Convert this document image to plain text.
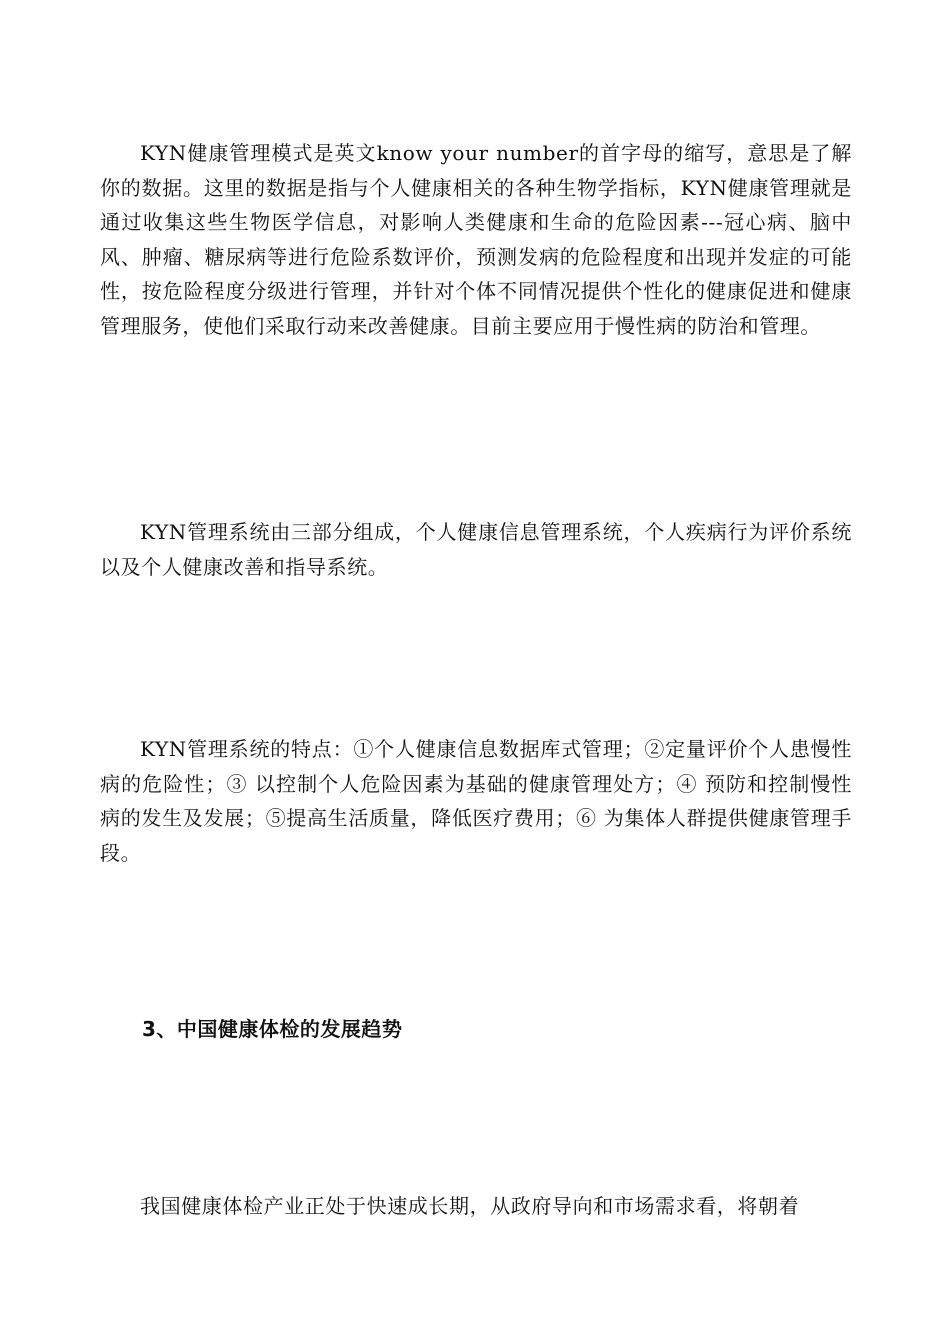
KYN健康管理模式是英文know your number的首字母的缩写，意思是了解你的数据。这里的数据是指与个人健康相关的各种生物学指标，KYN健康管理就是通过收集这些生物医学信息，对影响人类健康和生命的危险因素---冠心病、脑中风、肿瘤、糖尿病等进行危险系数评价，预测发病的危险程度和出现并发症的可能性，按危险程度分级进行管理，并针对个体不同情况提供个性化的健康促进和健康管理服务，使他们采取行动来改善健康。目前主要应用于慢性病的防治和管理。

KYN管理系统由三部分组成，个人健康信息管理系统，个人疾病行为评价系统以及个人健康改善和指导系统。

KYN管理系统的特点：①个人健康信息数据库式管理；②定量评价个人患慢性病的危险性；③ 以控制个人危险因素为基础的健康管理处方；④ 预防和控制慢性病的发生及发展；⑤提高生活质量，降低医疗费用；⑥ 为集体人群提供健康管理手段。

3、中国健康体检的发展趋势

我国健康体检产业正处于快速成长期，从政府导向和市场需求看，将朝着
